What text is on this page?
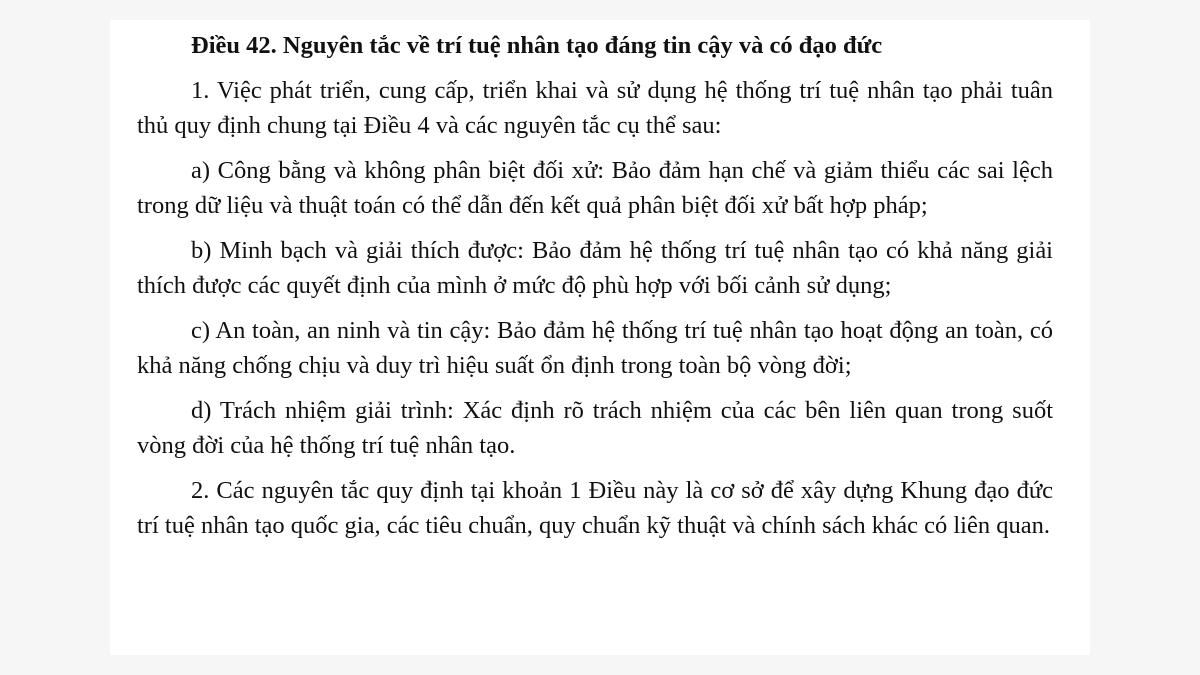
Điều 42. Nguyên tắc về trí tuệ nhân tạo đáng tin cậy và có đạo đức

1. Việc phát triển, cung cấp, triển khai và sử dụng hệ thống trí tuệ nhân tạo phải tuân thủ quy định chung tại Điều 4 và các nguyên tắc cụ thể sau:

a) Công bằng và không phân biệt đối xử: Bảo đảm hạn chế và giảm thiểu các sai lệch trong dữ liệu và thuật toán có thể dẫn đến kết quả phân biệt đối xử bất hợp pháp;

b) Minh bạch và giải thích được: Bảo đảm hệ thống trí tuệ nhân tạo có khả năng giải thích được các quyết định của mình ở mức độ phù hợp với bối cảnh sử dụng;

c) An toàn, an ninh và tin cậy: Bảo đảm hệ thống trí tuệ nhân tạo hoạt động an toàn, có khả năng chống chịu và duy trì hiệu suất ổn định trong toàn bộ vòng đời;

d) Trách nhiệm giải trình: Xác định rõ trách nhiệm của các bên liên quan trong suốt vòng đời của hệ thống trí tuệ nhân tạo.

2. Các nguyên tắc quy định tại khoản 1 Điều này là cơ sở để xây dựng Khung đạo đức trí tuệ nhân tạo quốc gia, các tiêu chuẩn, quy chuẩn kỹ thuật và chính sách khác có liên quan.
